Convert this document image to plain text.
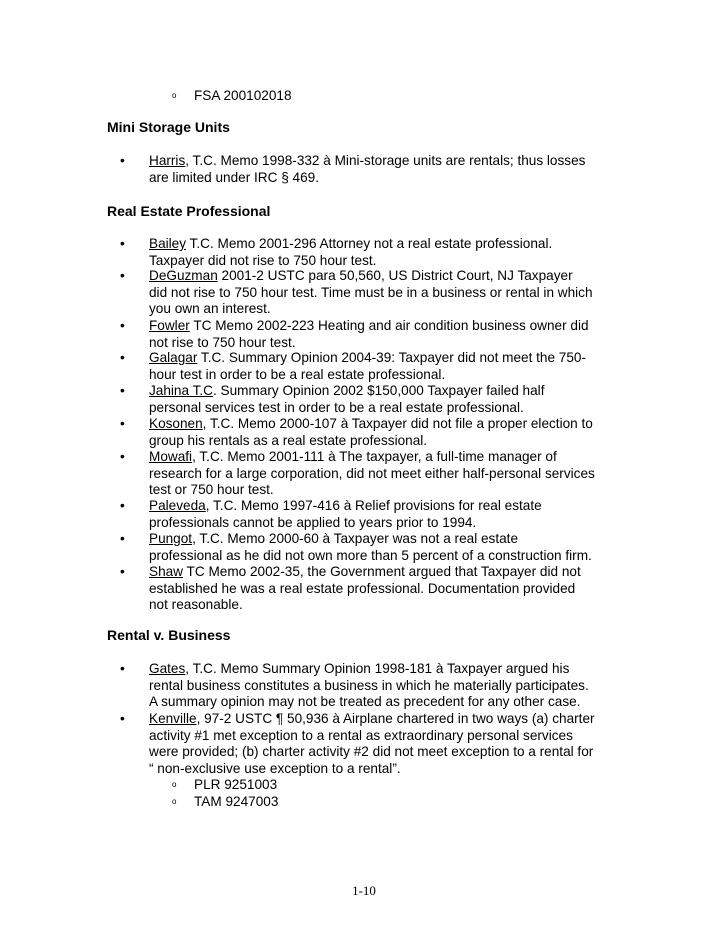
o FSA 200102018
Mini Storage Units
•	Harris, T.C. Memo 1998-332 à Mini-storage units are rentals; thus losses
are limited under IRC § 469.
Real Estate Professional
•	Bailey T.C. Memo 2001-296 Attorney not a real estate professional.
Taxpayer did not rise to 750 hour test.
•	DeGuzman 2001-2 USTC para 50,560, US District Court, NJ Taxpayer
did not rise to 750 hour test. Time must be in a business or rental in which
you own an interest.
•	Fowler TC Memo 2002-223 Heating and air condition business owner did
not rise to 750 hour test.
•	Galagar T.C. Summary Opinion 2004-39: Taxpayer did not meet the 750-
hour test in order to be a real estate professional.
•	Jahina T.C. Summary Opinion 2002 $150,000 Taxpayer failed half
personal services test in order to be a real estate professional.
•	Kosonen, T.C. Memo 2000-107 à Taxpayer did not file a proper election to
group his rentals as a real estate professional.
•	Mowafi, T.C. Memo 2001-111 à The taxpayer, a full-time manager of
research for a large corporation, did not meet either half-personal services
test or 750 hour test.
•	Paleveda, T.C. Memo 1997-416 à Relief provisions for real estate
professionals cannot be applied to years prior to 1994.
•	Pungot, T.C. Memo 2000-60 à Taxpayer was not a real estate
professional as he did not own more than 5 percent of a construction firm.
•	Shaw TC Memo 2002-35, the Government argued that Taxpayer did not
established he was a real estate professional. Documentation provided
not reasonable.
Rental v. Business
•	Gates, T.C. Memo Summary Opinion 1998-181 à Taxpayer argued his
rental business constitutes a business in which he materially participates.
A summary opinion may not be treated as precedent for any other case.
•	Kenville, 97-2 USTC ¶ 50,936 à Airplane chartered in two ways (a) charter
activity #1 met exception to a rental as extraordinary personal services
were provided; (b) charter activity #2 did not meet exception to a rental for
“ non-exclusive use exception to a rental”.
o PLR 9251003
o TAM 9247003
1-10
